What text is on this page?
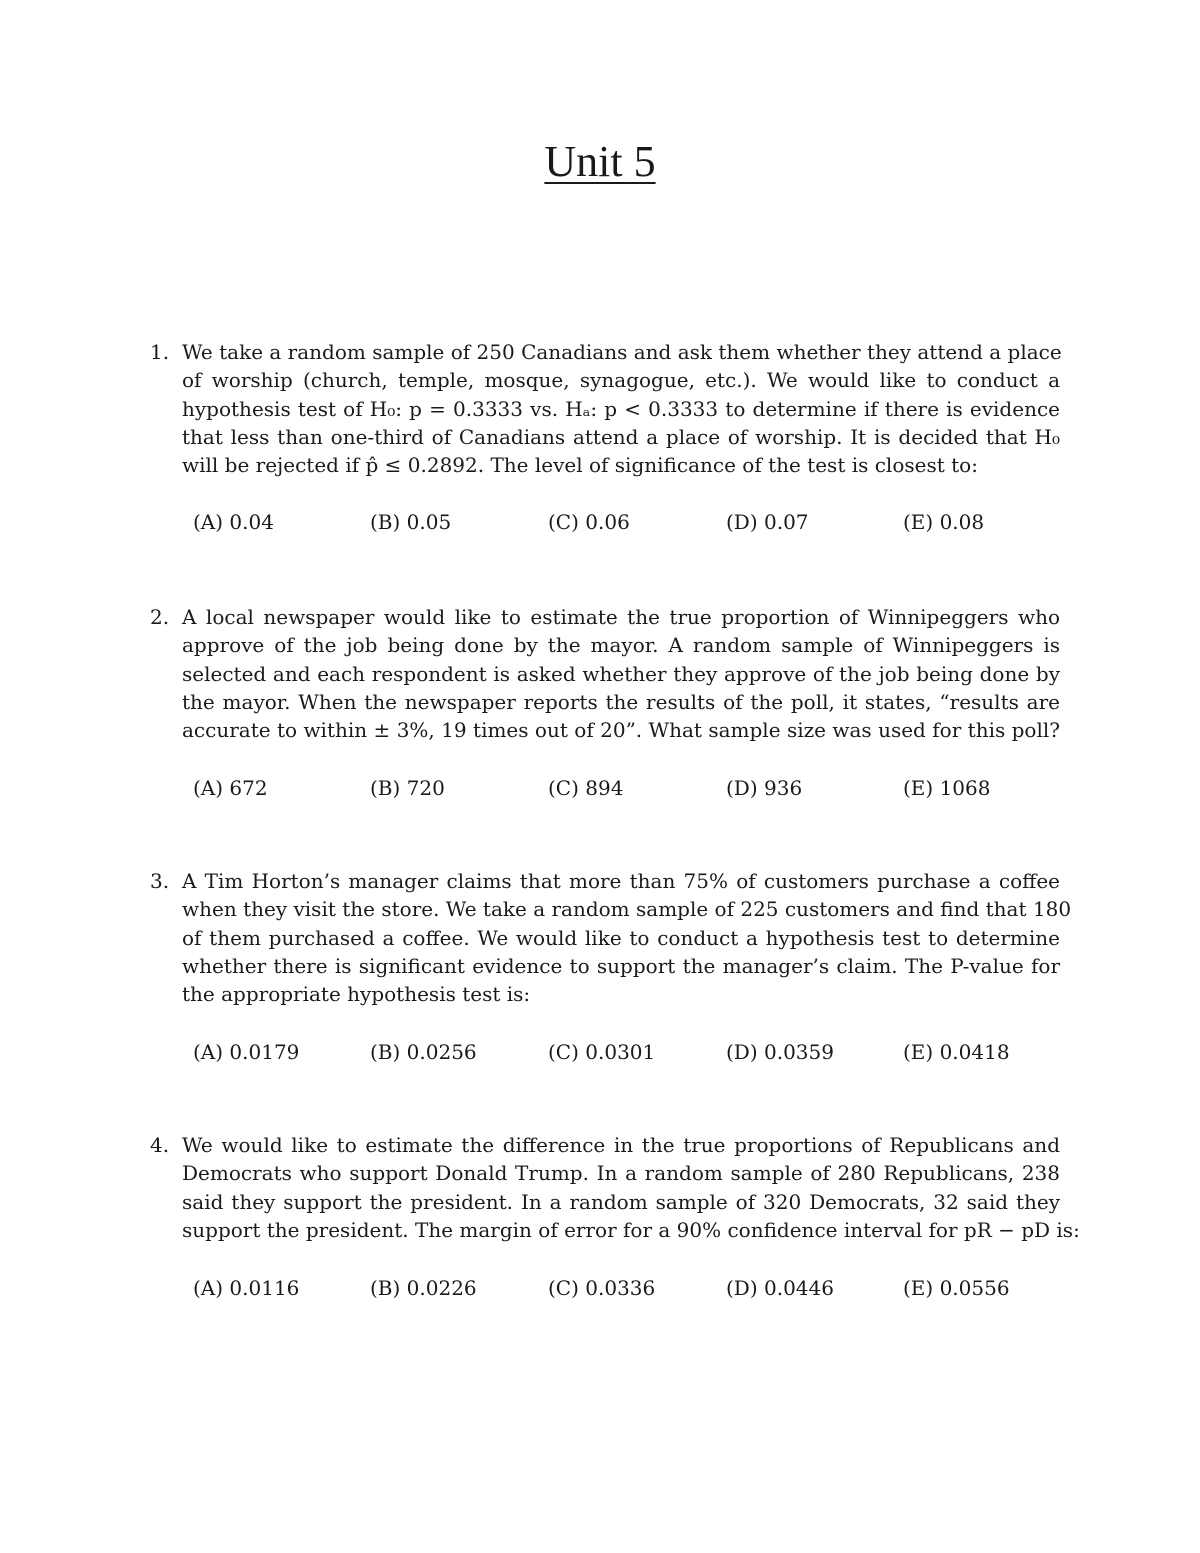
Unit 5
1. We take a random sample of 250 Canadians and ask them whether they attend a place
of worship (church, temple, mosque, synagogue, etc.). We would like to conduct a
hypothesis test of H₀: p = 0.3333 vs. Hₐ: p < 0.3333 to determine if there is evidence
that less than one-third of Canadians attend a place of worship. It is decided that H₀
will be rejected if p̂ ≤ 0.2892. The level of significance of the test is closest to:
(A) 0.04	(B) 0.05	(C) 0.06	(D) 0.07	(E) 0.08
2. A local newspaper would like to estimate the true proportion of Winnipeggers who
approve of the job being done by the mayor. A random sample of Winnipeggers is
selected and each respondent is asked whether they approve of the job being done by
the mayor. When the newspaper reports the results of the poll, it states, “results are
accurate to within ± 3%, 19 times out of 20”. What sample size was used for this poll?
(A) 672	(B) 720	(C) 894	(D) 936	(E) 1068
3. A Tim Horton’s manager claims that more than 75% of customers purchase a coffee
when they visit the store. We take a random sample of 225 customers and find that 180
of them purchased a coffee. We would like to conduct a hypothesis test to determine
whether there is significant evidence to support the manager’s claim. The P-value for
the appropriate hypothesis test is:
(A) 0.0179	(B) 0.0256	(C) 0.0301	(D) 0.0359	(E) 0.0418
4. We would like to estimate the difference in the true proportions of Republicans and
Democrats who support Donald Trump. In a random sample of 280 Republicans, 238
said they support the president. In a random sample of 320 Democrats, 32 said they
support the president. The margin of error for a 90% confidence interval for pR − pD is:
(A) 0.0116	(B) 0.0226	(C) 0.0336	(D) 0.0446	(E) 0.0556
